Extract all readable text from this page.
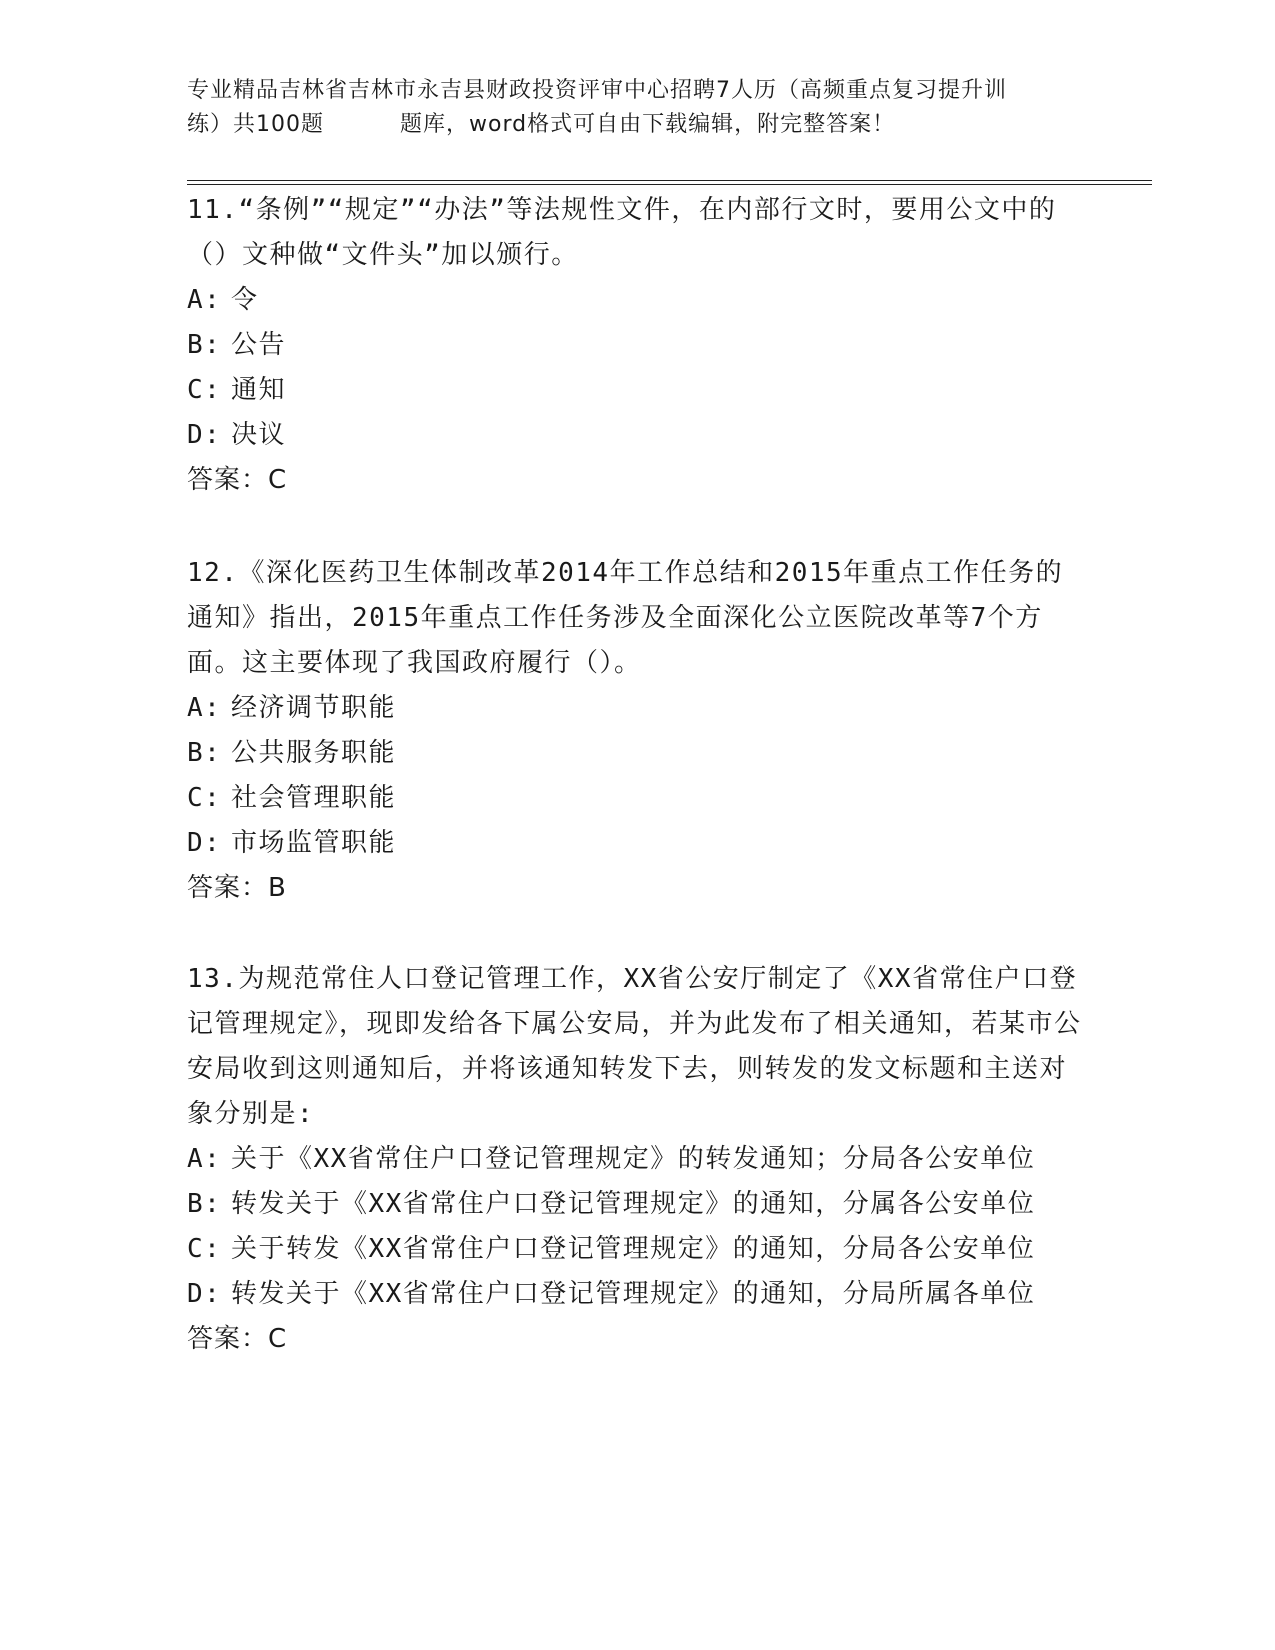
专业精品吉林省吉林市永吉县财政投资评审中心招聘7人历（高频重点复习提升训
练）共100题	题库，word格式可自由下载编辑，附完整答案！

11.“条例”“规定”“办法”等法规性文件，在内部行文时，要用公文中的（）文种做“文件头”加以颁行。

A: 令

B: 公告

C: 通知

D: 决议

答案：C

12.《深化医药卫生体制改革2014年工作总结和2015年重点工作任务的通知》指出，2015年重点工作任务涉及全面深化公立医院改革等7个方面。这主要体现了我国政府履行（）。

A: 经济调节职能

B: 公共服务职能

C: 社会管理职能

D: 市场监管职能

答案：B

13.为规范常住人口登记管理工作，XX省公安厅制定了《XX省常住户口登记管理规定》，现即发给各下属公安局，并为此发布了相关通知，若某市公安局收到这则通知后，并将该通知转发下去，则转发的发文标题和主送对象分别是:

A: 关于《XX省常住户口登记管理规定》的转发通知；分局各公安单位

B: 转发关于《XX省常住户口登记管理规定》的通知，分属各公安单位

C: 关于转发《XX省常住户口登记管理规定》的通知，分局各公安单位

D: 转发关于《XX省常住户口登记管理规定》的通知，分局所属各单位

答案：C
